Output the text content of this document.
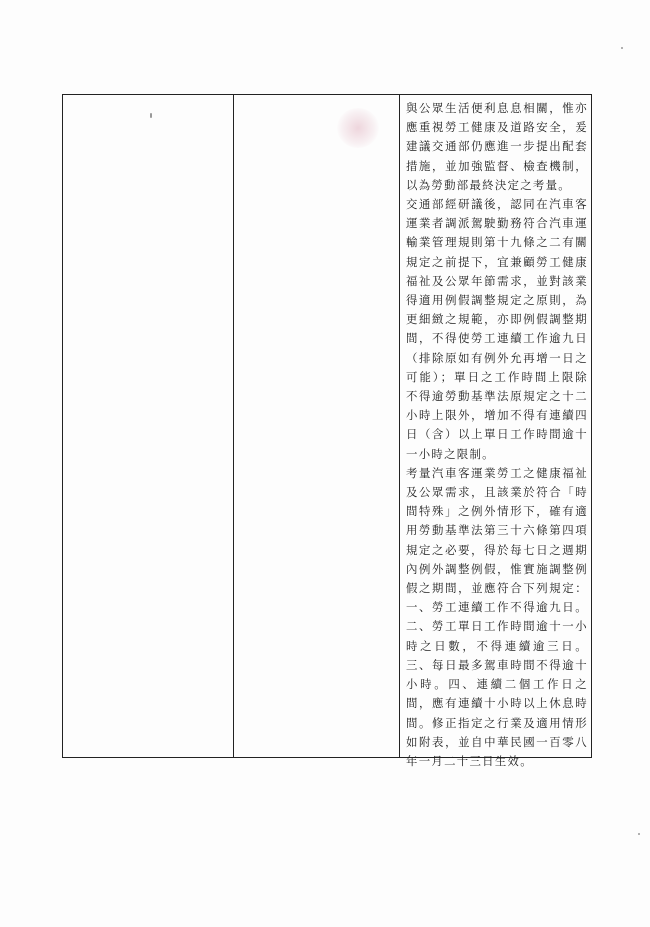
與公眾生活便利息息相關，惟亦應重視勞工健康及道路安全，爰建議交通部仍應進一步提出配套措施，並加強監督、檢查機制，以為勞動部最終決定之考量。

交通部經研議後，認同在汽車客運業者調派駕駛勤務符合汽車運輸業管理規則第十九條之二有關規定之前提下，宜兼顧勞工健康福祉及公眾年節需求，並對該業得適用例假調整規定之原則，為更細緻之規範，亦即例假調整期間，不得使勞工連續工作逾九日（排除原如有例外允再增一日之可能）；單日之工作時間上限除不得逾勞動基準法原規定之十二小時上限外，增加不得有連續四日（含）以上單日工作時間逾十一小時之限制。

考量汽車客運業勞工之健康福祉及公眾需求，且該業於符合「時間特殊」之例外情形下，確有適用勞動基準法第三十六條第四項規定之必要，得於每七日之週期內例外調整例假，惟實施調整例假之期間，並應符合下列規定：一、勞工連續工作不得逾九日。二、勞工單日工作時間逾十一小時之日數，不得連續逾三日。三、每日最多駕車時間不得逾十小時。四、連續二個工作日之間，應有連續十小時以上休息時間。修正指定之行業及適用情形如附表，並自中華民國一百零八年一月二十三日生效。
